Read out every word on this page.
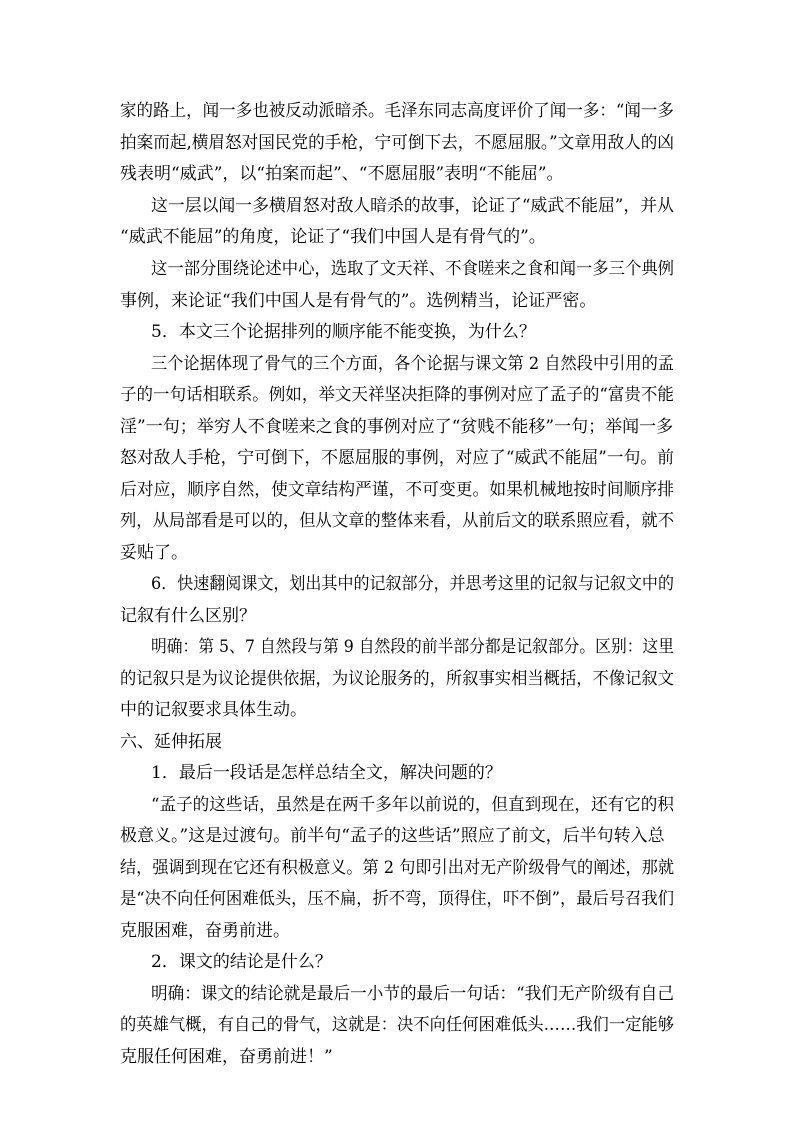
家的路上，闻一多也被反动派暗杀。毛泽东同志高度评价了闻一多：“闻一多
拍案而起,横眉怒对国民党的手枪，宁可倒下去，不愿屈服。”文章用敌人的凶
残表明“威武”，以“拍案而起”、“不愿屈服”表明“不能屈”。
这一层以闻一多横眉怒对敌人暗杀的故事，论证了“威武不能屈”，并从
“威武不能屈”的角度，论证了“我们中国人是有骨气的”。
这一部分围绕论述中心，选取了文天祥、不食嗟来之食和闻一多三个典例
事例，来论证“我们中国人是有骨气的”。选例精当，论证严密。
5．本文三个论据排列的顺序能不能变换，为什么？
三个论据体现了骨气的三个方面，各个论据与课文第 2 自然段中引用的孟
子的一句话相联系。例如，举文天祥坚决拒降的事例对应了孟子的“富贵不能
淫”一句；举穷人不食嗟来之食的事例对应了“贫贱不能移”一句；举闻一多
怒对敌人手枪，宁可倒下，不愿屈服的事例，对应了“威武不能屈”一句。前
后对应，顺序自然，使文章结构严谨，不可变更。如果机械地按时间顺序排
列，从局部看是可以的，但从文章的整体来看，从前后文的联系照应看，就不
妥贴了。
6．快速翻阅课文，划出其中的记叙部分，并思考这里的记叙与记叙文中的
记叙有什么区别？
明确：第 5、7 自然段与第 9 自然段的前半部分都是记叙部分。区别：这里
的记叙只是为议论提供依据，为议论服务的，所叙事实相当概括，不像记叙文
中的记叙要求具体生动。
六、延伸拓展
1．最后一段话是怎样总结全文，解决问题的？
“孟子的这些话，虽然是在两千多年以前说的，但直到现在，还有它的积
极意义。”这是过渡句。前半句“孟子的这些话”照应了前文，后半句转入总
结，强调到现在它还有积极意义。第 2 句即引出对无产阶级骨气的阐述，那就
是“决不向任何困难低头，压不扁，折不弯，顶得住，吓不倒”，最后号召我们
克服困难，奋勇前进。
2．课文的结论是什么？
明确：课文的结论就是最后一小节的最后一句话：“我们无产阶级有自己
的英雄气概，有自己的骨气，这就是：决不向任何困难低头……我们一定能够
克服任何困难，奋勇前进！”
